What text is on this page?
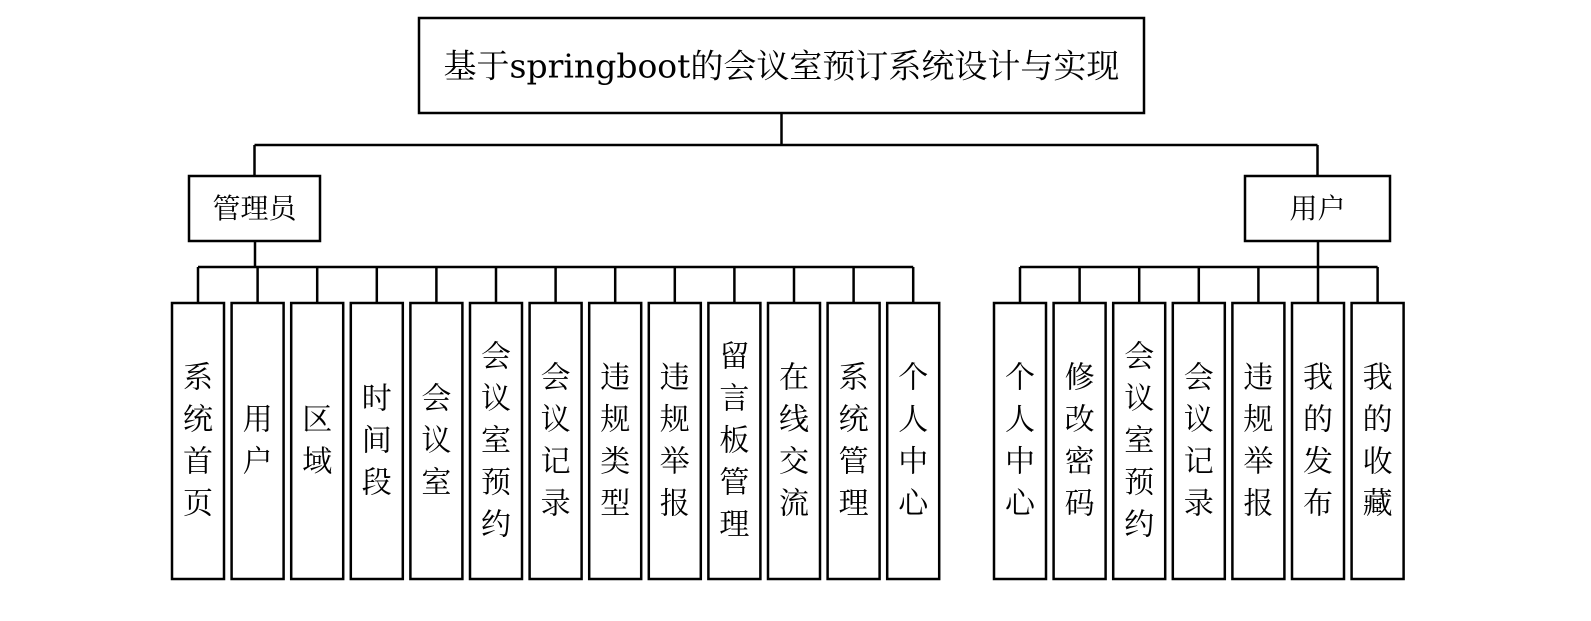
基于springboot的会议室预订系统设计与实现
管理员	用户
系统首页
用户
区域
时间段
会议室
会议室预约
会议记录
违规类型
违规举报
留言板管理
在线交流
系统管理
个人中心
个人中心
修改密码
会议室预约
会议记录
违规举报
我的发布
我的收藏
